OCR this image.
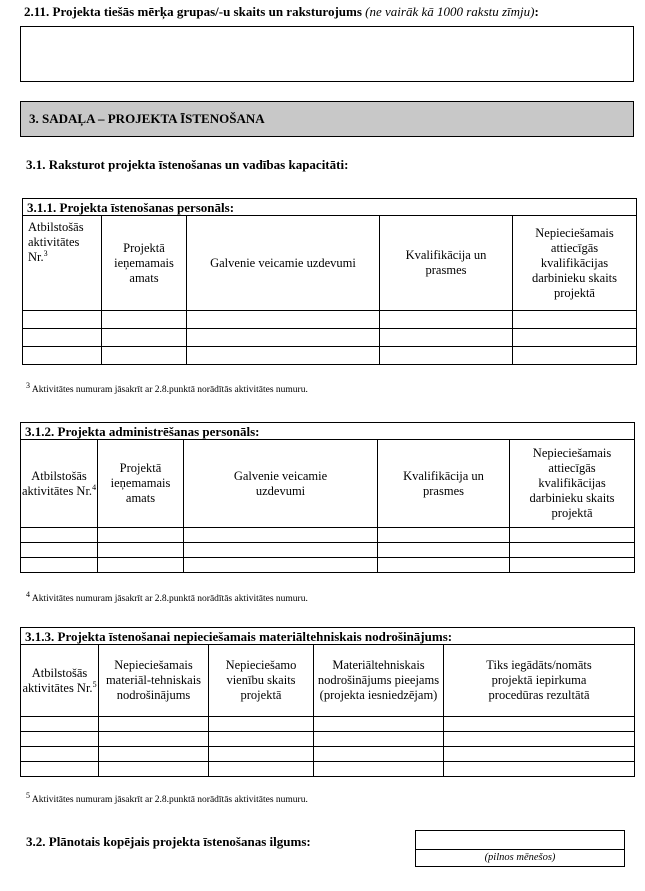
2.11. Projekta tiešās mērķa grupas/-u skaits un raksturojums (ne vairāk kā 1000 rakstu zīmju):
3. SADAĻA – PROJEKTA ĪSTENOŠANA
3.1. Raksturot projekta īstenošanas un vadības kapacitāti:
3.1.1. Projekta īstenošanas personāls:				
Atbilstošās aktivitātes Nr.$^3$	Projektā ieņemamais amats	Galvenie veicamie uzdevumi	Kvalifikācija un prasmes	Nepieciešamais attiecīgās kvalifikācijas darbinieku skaits projektā

$^3$ Aktivitātes numuram jāsakrīt ar 2.8.punktā norādītās aktivitātes numuru.
3.1.2. Projekta administrēšanas personāls:				
Atbilstošās aktivitātes Nr.$^4$	Projektā ieņemamais amats	Galvenie veicamie uzdevumi	Kvalifikācija un prasmes	Nepieciešamais attiecīgās kvalifikācijas darbinieku skaits projektā

$^4$ Aktivitātes numuram jāsakrīt ar 2.8.punktā norādītās aktivitātes numuru.
3.1.3. Projekta īstenošanai nepieciešamais materiāltehniskais nodrošinājums:				
Atbilstošās aktivitātes Nr.$^5$	Nepieciešamais materiāl-tehniskais nodrošinājums	Nepieciešamo vienību skaits projektā	Materiāltehniskais nodrošinājums pieejams (projekta iesniedzējam)	Tiks iegādāts/nomāts projektā iepirkuma procedūras rezultātā

$^5$ Aktivitātes numuram jāsakrīt ar 2.8.punktā norādītās aktivitātes numuru.
3.2. Plānotais kopējais projekta īstenošanas ilgums:
(pilnos mēnešos)
